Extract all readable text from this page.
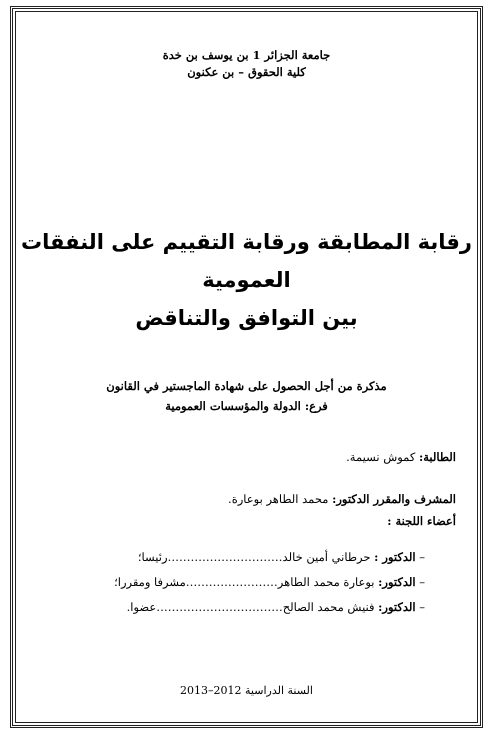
جامعة الجزائر 1 بن يوسف بن خدة
كلية الحقوق – بن عكنون
رقابة المطابقة ورقابة التقييم على النفقات
العمومية
بين التوافق والتناقض
مذكرة من أجل الحصول على شهادة الماجستير في القانون
فرع: الدولة والمؤسسات العمومية
الطالبة: كموش نسيمة.
المشرف والمقرر الدكتور: محمد الطاهر بوعارة.
أعضاء اللجنة :
– الدكتور : حرطاني أمين خالد…………………………رئيسا؛
– الدكتور: بوعارة محمد الطاهر……………………مشرفا ومقررا؛
– الدكتور: فنيش محمد الصالح……………………………عضوا.
السنة الدراسية 2012–2013
